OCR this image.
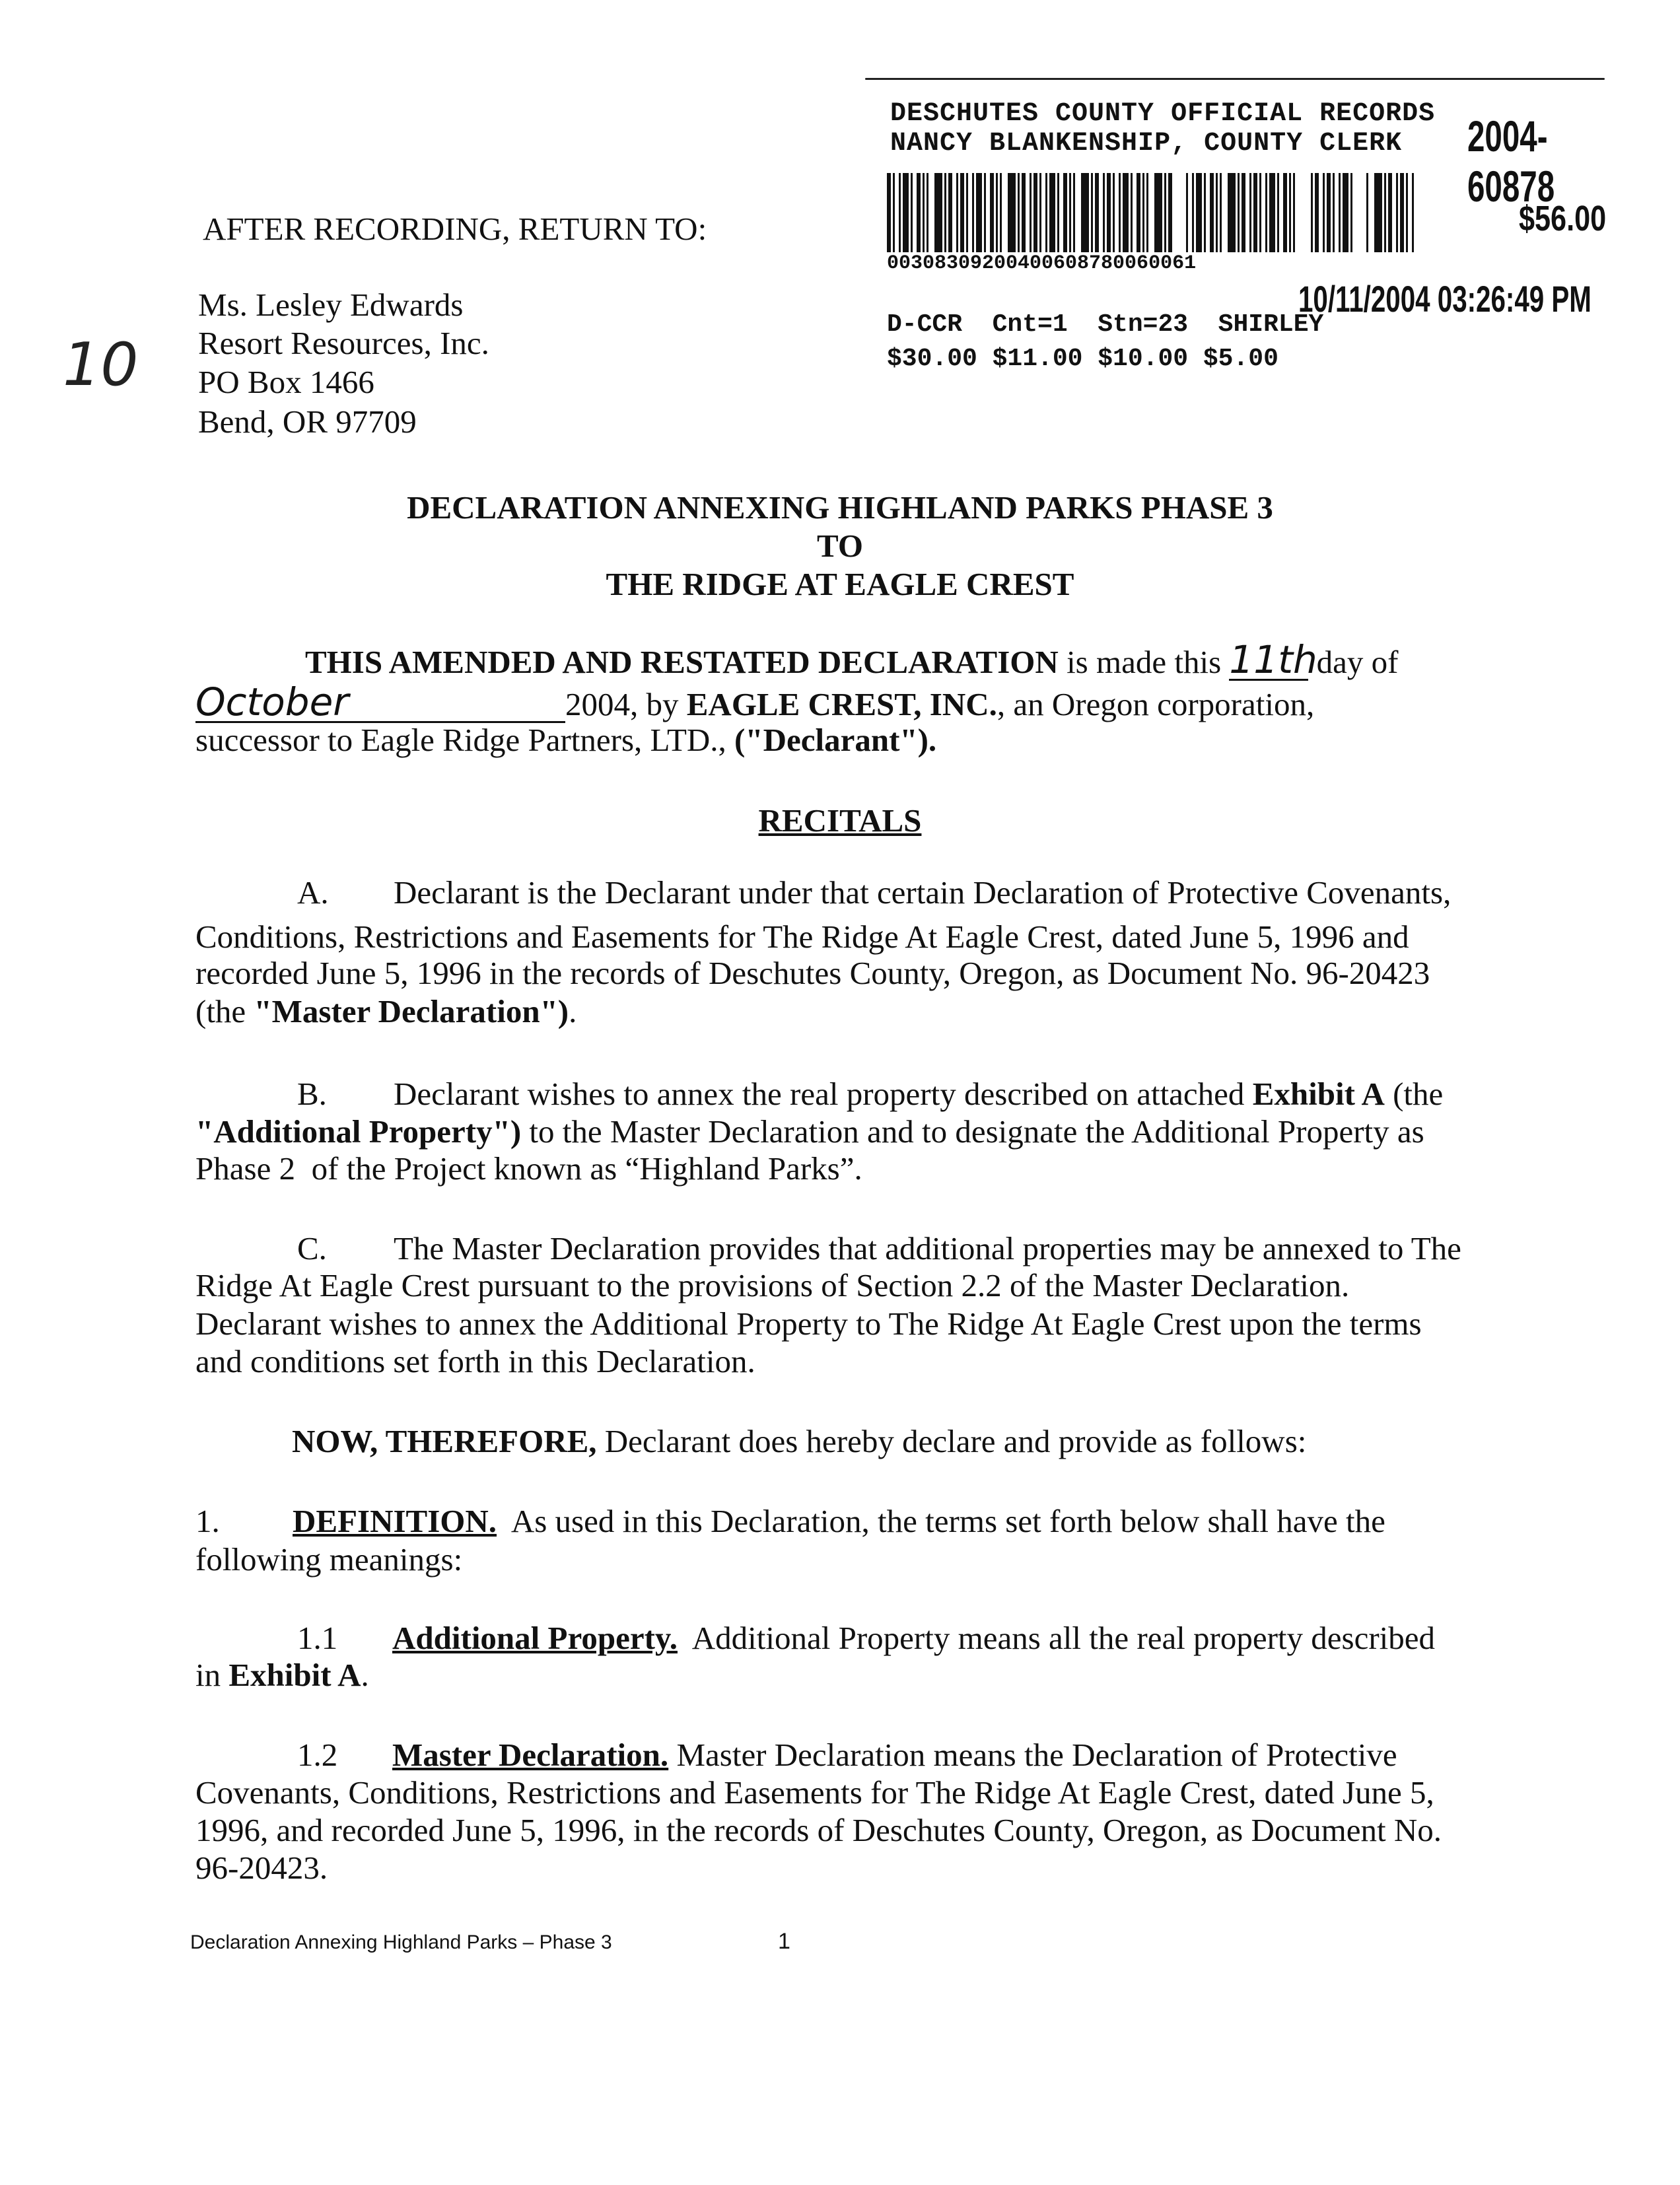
DESCHUTES COUNTY OFFICIAL RECORDS
NANCY BLANKENSHIP, COUNTY CLERK 2004-60878
$56.00
00308309200400608780060061
10/11/2004 03:26:49 PM
D-CCR  Cnt=1  Stn=23  SHIRLEY
$30.00 $11.00 $10.00 $5.00
AFTER RECORDING, RETURN TO:
Ms. Lesley Edwards
Resort Resources, Inc.
PO Box 1466
Bend, OR 97709
10
DECLARATION ANNEXING HIGHLAND PARKS PHASE 3
TO
THE RIDGE AT EAGLE CREST
THIS AMENDED AND RESTATED DECLARATION is made this 11th day of
October	2004, by EAGLE CREST, INC., an Oregon corporation,
successor to Eagle Ridge Partners, LTD., ("Declarant").
RECITALS
A. Declarant is the Declarant under that certain Declaration of Protective Covenants,
Conditions, Restrictions and Easements for The Ridge At Eagle Crest, dated June 5, 1996 and
recorded June 5, 1996 in the records of Deschutes County, Oregon, as Document No. 96-20423
(the "Master Declaration").
B. Declarant wishes to annex the real property described on attached Exhibit A (the
"Additional Property") to the Master Declaration and to designate the Additional Property as
Phase 2  of the Project known as “Highland Parks”.
C. The Master Declaration provides that additional properties may be annexed to The
Ridge At Eagle Crest pursuant to the provisions of Section 2.2 of the Master Declaration.
Declarant wishes to annex the Additional Property to The Ridge At Eagle Crest upon the terms
and conditions set forth in this Declaration.
NOW, THEREFORE, Declarant does hereby declare and provide as follows:
1. DEFINITION.  As used in this Declaration, the terms set forth below shall have the
following meanings:
1.1 Additional Property.  Additional Property means all the real property described
in Exhibit A.
1.2 Master Declaration. Master Declaration means the Declaration of Protective
Covenants, Conditions, Restrictions and Easements for The Ridge At Eagle Crest, dated June 5,
1996, and recorded June 5, 1996, in the records of Deschutes County, Oregon, as Document No.
96-20423.
Declaration Annexing Highland Parks – Phase 3	1
